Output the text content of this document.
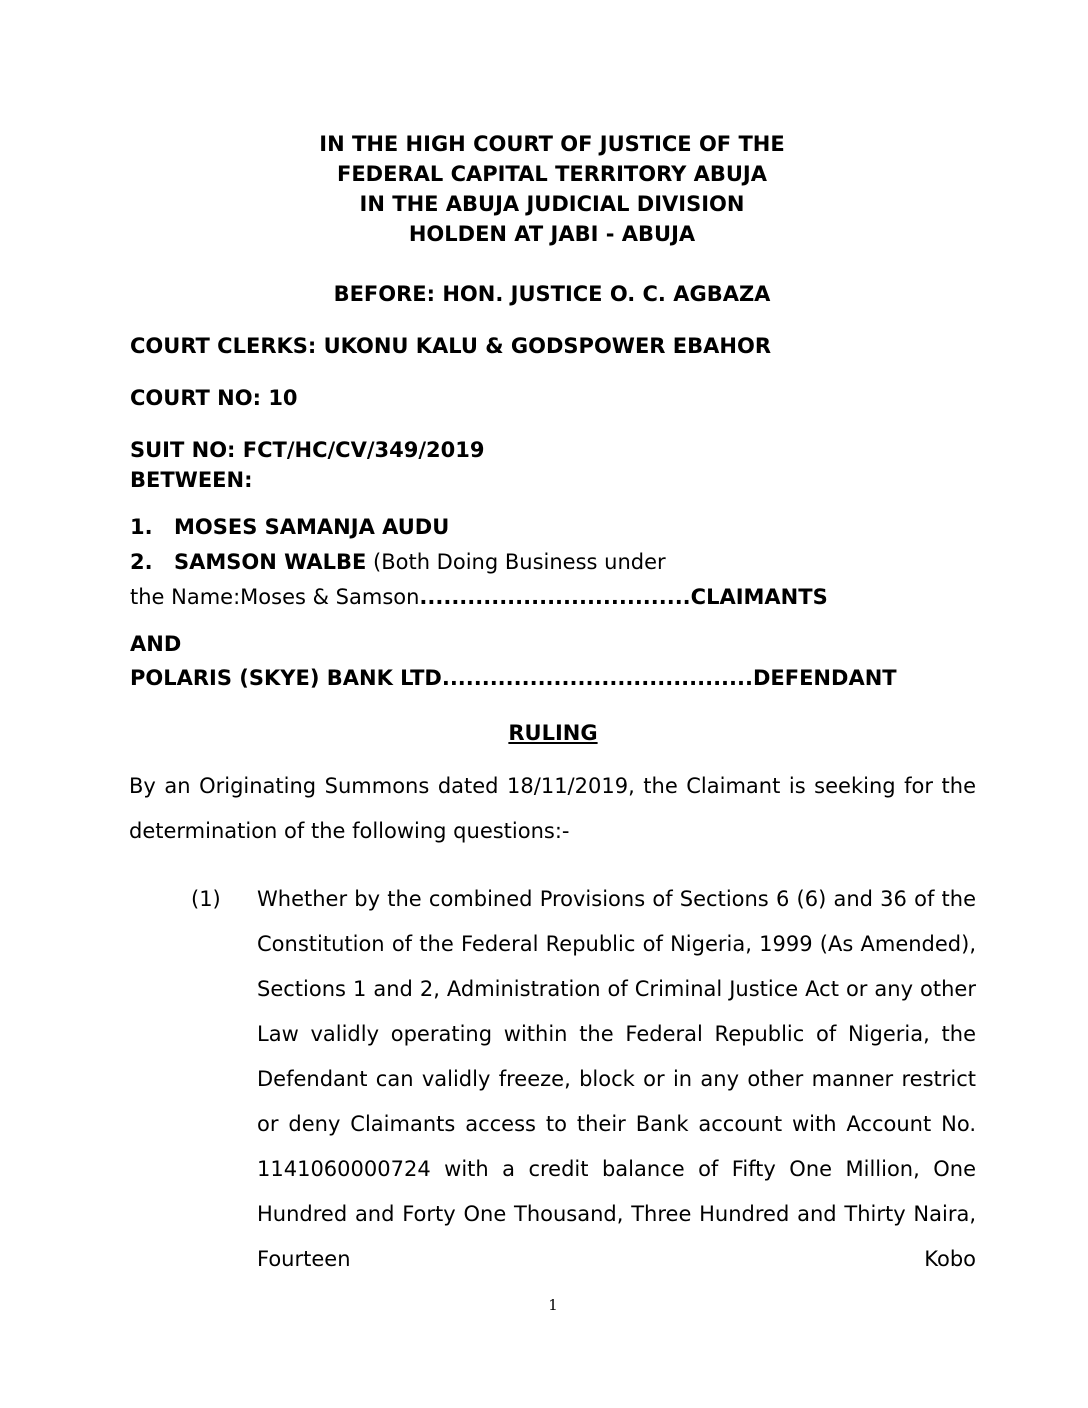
IN THE HIGH COURT OF JUSTICE OF THE
FEDERAL CAPITAL TERRITORY ABUJA
IN THE ABUJA JUDICIAL DIVISION
HOLDEN AT JABI - ABUJA
BEFORE: HON. JUSTICE O. C. AGBAZA
COURT CLERKS: UKONU KALU & GODSPOWER EBAHOR
COURT NO: 10
SUIT NO: FCT/HC/CV/349/2019
BETWEEN:
1. MOSES SAMANJA AUDU
2. SAMSON WALBE (Both Doing Business under
the Name:Moses & Samson..................................CLAIMANTS
AND
POLARIS (SKYE) BANK LTD.......................................DEFENDANT
RULING
By an Originating Summons dated 18/11/2019, the Claimant is seeking for the determination of the following questions:-
(1) Whether by the combined Provisions of Sections 6 (6) and 36 of the Constitution of the Federal Republic of Nigeria, 1999 (As Amended), Sections 1 and 2, Administration of Criminal Justice Act or any other Law validly operating within the Federal Republic of Nigeria, the Defendant can validly freeze, block or in any other manner restrict or deny Claimants access to their Bank account with Account No. 1141060000724 with a credit balance of Fifty One Million, One Hundred and Forty One Thousand, Three Hundred and Thirty Naira, Fourteen Kobo
1
